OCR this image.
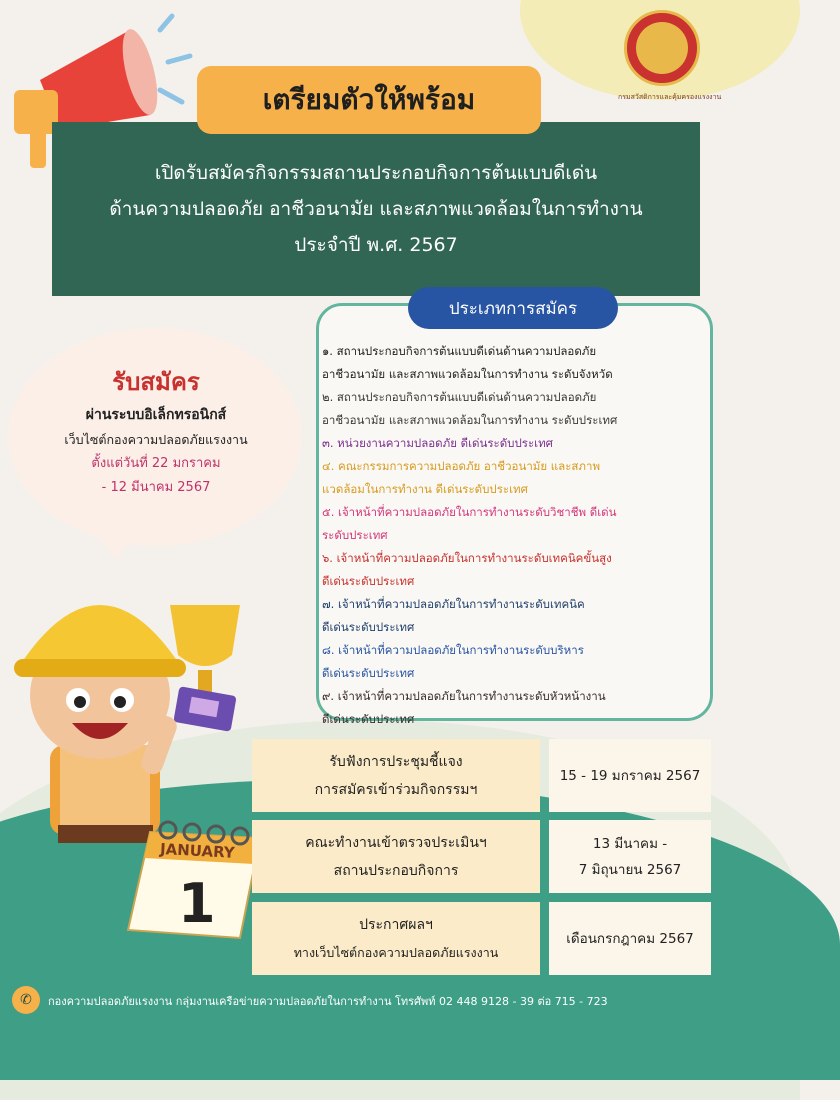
กรมสวัสดิการและคุ้มครองแรงงาน
เปิดรับสมัครกิจกรรมสถานประกอบกิจการต้นแบบดีเด่น
ด้านความปลอดภัย อาชีวอนามัย และสภาพแวดล้อมในการทำงาน
ประจำปี พ.ศ. 2567
เตรียมตัวให้พร้อม
รับสมัคร
ผ่านระบบอิเล็กทรอนิกส์
เว็บไซต์กองความปลอดภัยแรงงาน
ตั้งแต่วันที่ 22 มกราคม
- 12 มีนาคม 2567
ประเภทการสมัคร
๑. สถานประกอบกิจการต้นแบบดีเด่นด้านความปลอดภัย
อาชีวอนามัย และสภาพแวดล้อมในการทำงาน ระดับจังหวัด
๒. สถานประกอบกิจการต้นแบบดีเด่นด้านความปลอดภัย
อาชีวอนามัย และสภาพแวดล้อมในการทำงาน ระดับประเทศ
๓. หน่วยงานความปลอดภัย ดีเด่นระดับประเทศ
๔. คณะกรรมการความปลอดภัย อาชีวอนามัย และสภาพ
แวดล้อมในการทำงาน ดีเด่นระดับประเทศ
๕. เจ้าหน้าที่ความปลอดภัยในการทำงานระดับวิชาชีพ ดีเด่น
ระดับประเทศ
๖. เจ้าหน้าที่ความปลอดภัยในการทำงานระดับเทคนิคขั้นสูง
ดีเด่นระดับประเทศ
๗. เจ้าหน้าที่ความปลอดภัยในการทำงานระดับเทคนิค
ดีเด่นระดับประเทศ
๘. เจ้าหน้าที่ความปลอดภัยในการทำงานระดับบริหาร
ดีเด่นระดับประเทศ
๙. เจ้าหน้าที่ความปลอดภัยในการทำงานระดับหัวหน้างาน
ดีเด่นระดับประเทศ
JANUARY
1
รับฟังการประชุมชี้แจง
การสมัครเข้าร่วมกิจกรรมฯ
15 - 19 มกราคม 2567
คณะทำงานเข้าตรวจประเมินฯ
สถานประกอบกิจการ
13 มีนาคม -
7 มิถุนายน 2567
ประกาศผลฯ
ทางเว็บไซต์กองความปลอดภัยแรงงาน
เดือนกรกฎาคม 2567
✆	กองความปลอดภัยแรงงาน กลุ่มงานเครือข่ายความปลอดภัยในการทำงาน โทรศัพท์ 02 448 9128 - 39 ต่อ 715 - 723
